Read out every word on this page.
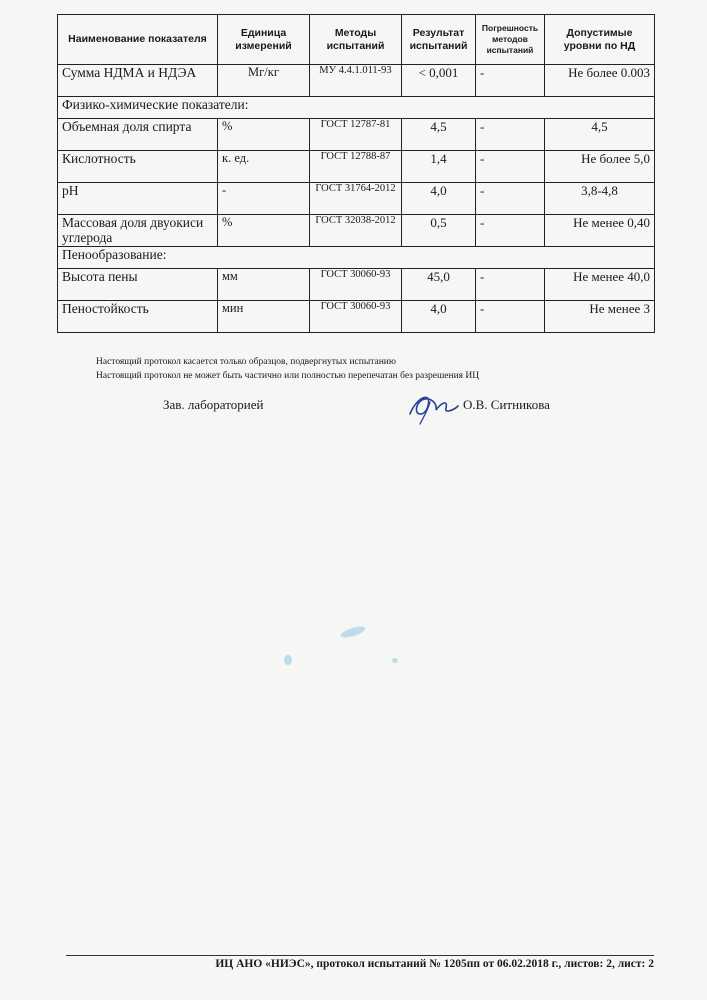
Наименование показателя	Единица измерений	Методы испытаний	Результат испытаний	Погрешность методов испытаний	Допустимые уровни по НД
Сумма НДМА и НДЭА	Мг/кг	МУ 4.4.1.011-93	< 0,001	-	Не более 0.003
Физико-химические показатели:					
Объемная доля спирта	%	ГОСТ 12787-81	4,5	-	4,5
Кислотность	к. ед.	ГОСТ 12788-87	1,4	-	Не более 5,0
pH	-	ГОСТ 31764-2012	4,0	-	3,8-4,8
Массовая доля двуокиси углерода	%	ГОСТ 32038-2012	0,5	-	Не менее 0,40
Пенообразование:					
Высота пены	мм	ГОСТ 30060-93	45,0	-	Не менее 40,0
Пеностойкость	мин	ГОСТ 30060-93	4,0	-	Не менее 3
Настоящий протокол касается только образцов, подвергнутых испытанию
Настоящий протокол не может быть частично или полностью перепечатан без разрешения ИЦ
Зав. лабораторией	О.В. Ситникова
ИЦ АНО «НИЭС», протокол испытаний № 1205пп от 06.02.2018 г., листов: 2, лист: 2
